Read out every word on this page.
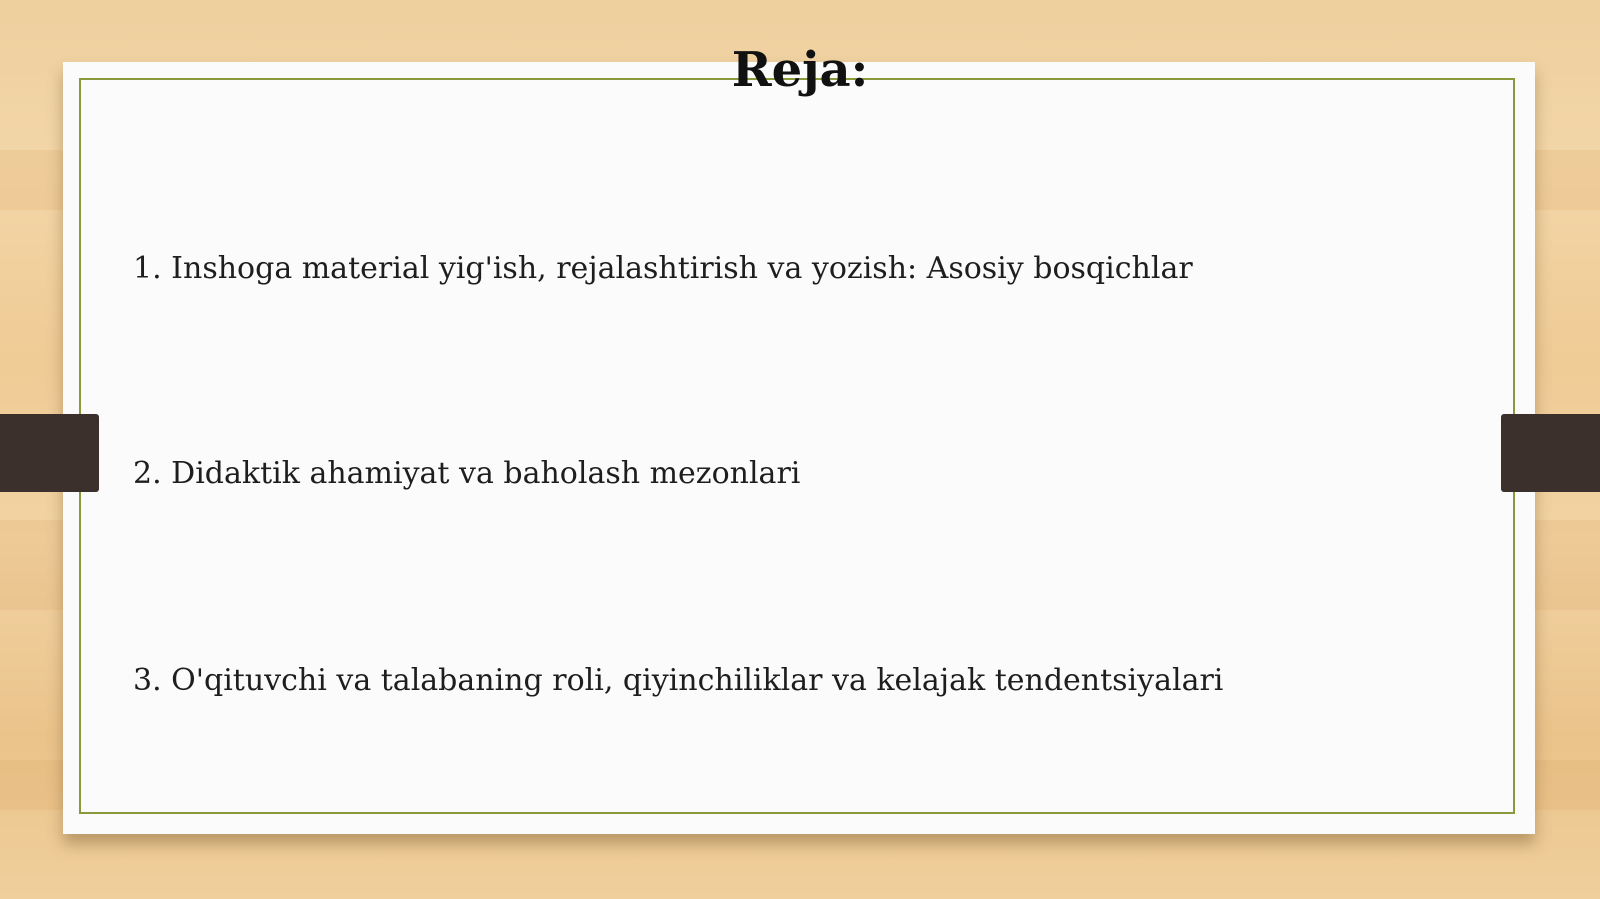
Reja:
1. Inshoga material yig'ish, rejalashtirish va yozish: Asosiy bosqichlar
2. Didaktik ahamiyat va baholash mezonlari
3. O'qituvchi va talabaning roli, qiyinchiliklar va kelajak tendentsiyalari
